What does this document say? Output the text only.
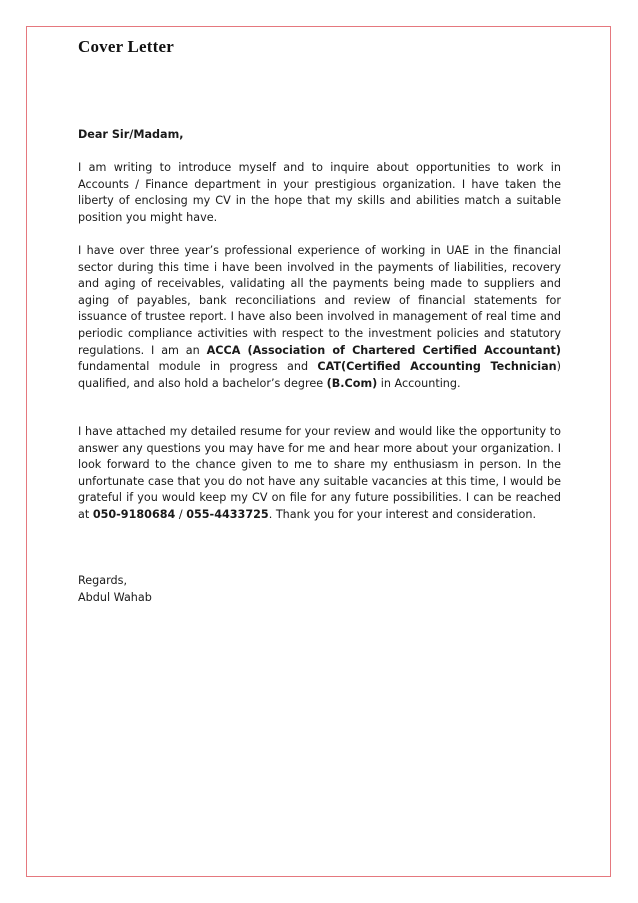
Cover Letter
Dear Sir/Madam,

I am writing to introduce myself and to inquire about opportunities to work in Accounts / Finance department in your prestigious organization. I have taken the liberty of enclosing my CV in the hope that my skills and abilities match a suitable position you might have.

I have over three year’s professional experience of working in UAE in the financial sector during this time i have been involved in the payments of liabilities, recovery and aging of receivables, validating all the payments being made to suppliers and aging of payables, bank reconciliations and review of financial statements for issuance of trustee report. I have also been involved in management of real time and periodic compliance activities with respect to the investment policies and statutory regulations. I am an ACCA (Association of Chartered Certified Accountant) fundamental module in progress and CAT(Certified Accounting Technician) qualified, and also hold a bachelor’s degree (B.Com) in Accounting.

I have attached my detailed resume for your review and would like the opportunity to answer any questions you may have for me and hear more about your organization. I look forward to the chance given to me to share my enthusiasm in person. In the unfortunate case that you do not have any suitable vacancies at this time, I would be grateful if you would keep my CV on file for any future possibilities. I can be reached at 050-9180684 / 055-4433725. Thank you for your interest and consideration.

Regards,
Abdul Wahab
